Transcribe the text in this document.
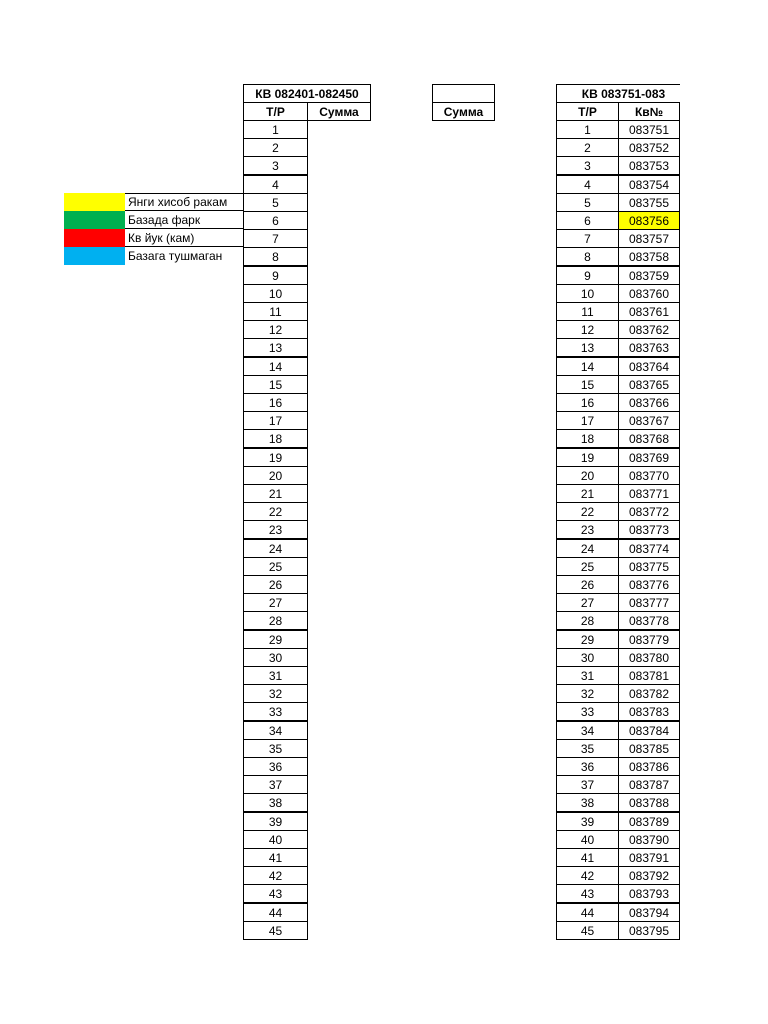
КВ 082401-082450
Т/Р	Сумма
1
2
3
4
5
6
7
8
9
10
11
12
13
14
15
16
17
18
19
20
21
22
23
24
25
26
27
28
29
30
31
32
33
34
35
36
37
38
39
40
41
42
43
44
45
Сумма
КВ 083751-083
Т/Р	Кв№
1	083751
2	083752
3	083753
4	083754
5	083755
6	083756
7	083757
8	083758
9	083759
10	083760
11	083761
12	083762
13	083763
14	083764
15	083765
16	083766
17	083767
18	083768
19	083769
20	083770
21	083771
22	083772
23	083773
24	083774
25	083775
26	083776
27	083777
28	083778
29	083779
30	083780
31	083781
32	083782
33	083783
34	083784
35	083785
36	083786
37	083787
38	083788
39	083789
40	083790
41	083791
42	083792
43	083793
44	083794
45	083795
Янги хисоб ракам
Базада фарк
Кв йук (кам)
Базага тушмаган
